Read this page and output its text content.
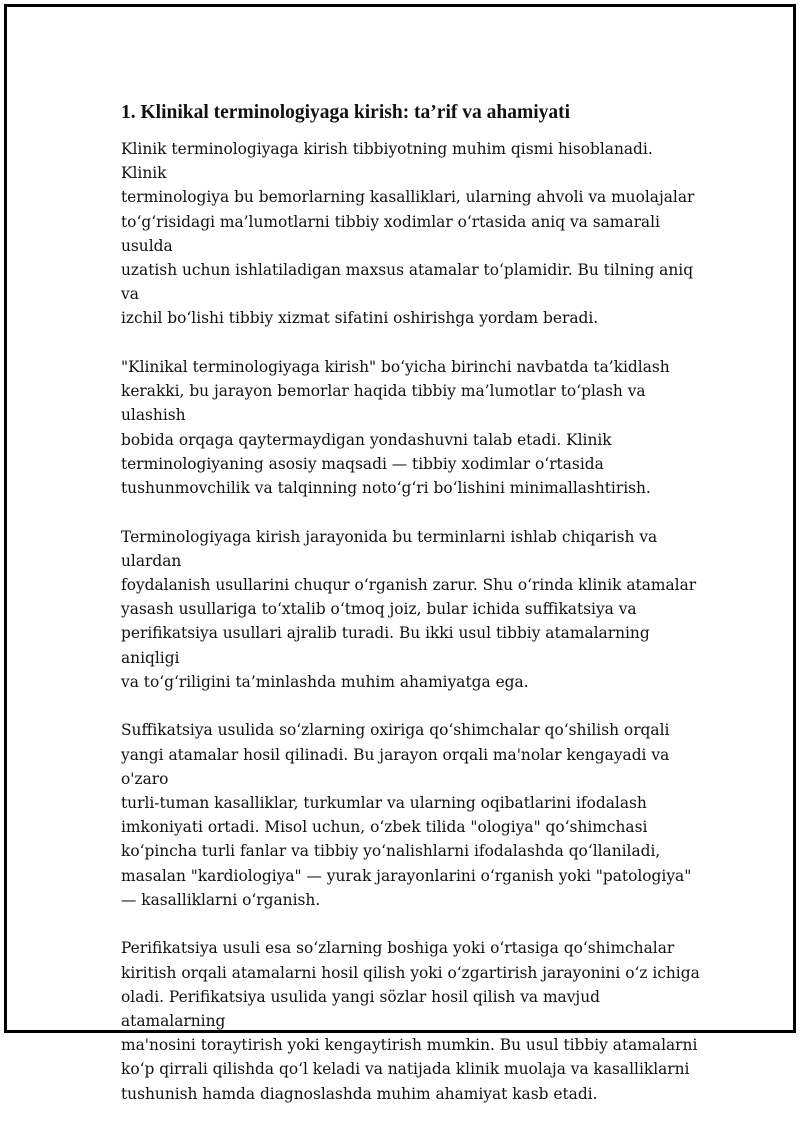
1. Klinikal terminologiyaga kirish: ta’rif va ahamiyati

Klinik terminologiyaga kirish tibbiyotning muhim qismi hisoblanadi. Klinik
terminologiya bu bemorlarning kasalliklari, ularning ahvoli va muolajalar
to‘g‘risidagi ma’lumotlarni tibbiy xodimlar o‘rtasida aniq va samarali usulda
uzatish uchun ishlatiladigan maxsus atamalar to‘plamidir. Bu tilning aniq va
izchil bo‘lishi tibbiy xizmat sifatini oshirishga yordam beradi.

"Klinikal terminologiyaga kirish" bo‘yicha birinchi navbatda ta’kidlash
kerakki, bu jarayon bemorlar haqida tibbiy ma’lumotlar to‘plash va ulashish
bobida orqaga qaytermaydigan yondashuvni talab etadi. Klinik
terminologiyaning asosiy maqsadi — tibbiy xodimlar o‘rtasida
tushunmovchilik va talqinning noto‘g‘ri bo‘lishini minimallashtirish.

Terminologiyaga kirish jarayonida bu terminlarni ishlab chiqarish va ulardan
foydalanish usullarini chuqur o‘rganish zarur. Shu o‘rinda klinik atamalar
yasash usullariga to‘xtalib o‘tmoq joiz, bular ichida suffikatsiya va
perifikatsiya usullari ajralib turadi. Bu ikki usul tibbiy atamalarning aniqligi
va to‘g‘riligini ta’minlashda muhim ahamiyatga ega.

Suffikatsiya usulida so‘zlarning oxiriga qo‘shimchalar qo‘shilish orqali
yangi atamalar hosil qilinadi. Bu jarayon orqali ma'nolar kengayadi va o'zaro
turli-tuman kasalliklar, turkumlar va ularning oqibatlarini ifodalash
imkoniyati ortadi. Misol uchun, o‘zbek tilida "ologiya" qo‘shimchasi
ko‘pincha turli fanlar va tibbiy yo‘nalishlarni ifodalashda qo‘llaniladi,
masalan "kardiologiya" — yurak jarayonlarini o‘rganish yoki "patologiya"
— kasalliklarni o‘rganish.

Perifikatsiya usuli esa so‘zlarning boshiga yoki o‘rtasiga qo‘shimchalar
kiritish orqali atamalarni hosil qilish yoki o‘zgartirish jarayonini o‘z ichiga
oladi. Perifikatsiya usulida yangi sözlar hosil qilish va mavjud atamalarning
ma'nosini toraytirish yoki kengaytirish mumkin. Bu usul tibbiy atamalarni
ko‘p qirrali qilishda qo‘l keladi va natijada klinik muolaja va kasalliklarni
tushunish hamda diagnoslashda muhim ahamiyat kasb etadi.
